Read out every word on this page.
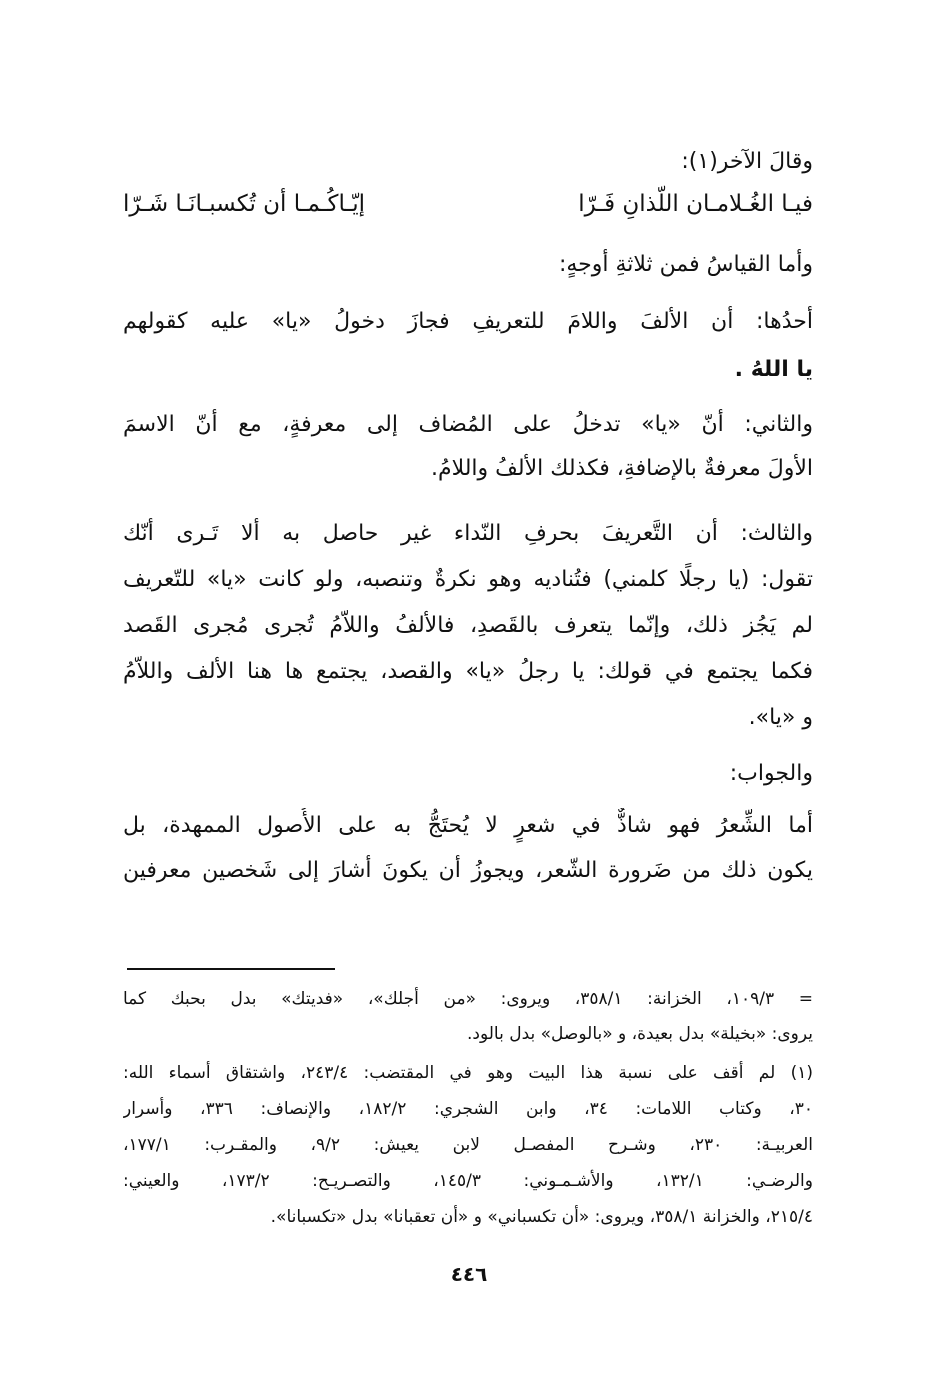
وقالَ الآخر(١):
فيـا الغُـلامـان اللّذانِ فَـرّا
إيّـاكُـمـا أن تُكسبـانَـا شَـرّا
وأما القياسُ فمن ثلاثةِ أوجهٍ:
أحدُها: أن الألفَ واللامَ للتعريفِ فجازَ دخولُ «يا» عليه كقولهم
يا اللهُ .
والثاني: أنّ «يا» تدخلُ على المُضاف إلى معرفةٍ، مع أنّ الاسمَ
الأولَ معرفةٌ بالإضافةِ، فكذلك الألفُ واللامُ.
والثالث: أن التَّعريفَ بحرفِ النّداء غير حاصل به ألا تَـرى أنّك
تقول: (يا رجلًا كلمني) فتُناديه وهو نكرةٌ وتنصبه، ولو كانت «يا» للتّعريف
لم يَجُز ذلك، وإنّما يتعرف بالقَصدِ، فالألفُ واللاّمُ تُجرى مُجرى القَصد
فكما يجتمع في قولك: يا رجلُ «يا» والقصد، يجتمع ها هنا الألف واللاّمُ
و «يا».
والجواب:
أما الشِّعرُ فهو شاذٌّ في شعرٍ لا يُحتَجُّ به على الأُصول الممهدة، بل
يكون ذلك من ضَرورة الشّعر، ويجوزُ أن يكونَ أشارَ إلى شَخصين معرفين
= ١٠٩/٣، الخزانة: ٣٥٨/١، ويروى: «من أجلك»، «فديتك» بدل بحبك كما
يروى: «بخيلة» بدل بعيدة، و «بالوصل» بدل بالود.
(١) لم أقف على نسبة هذا البيت وهو في المقتضب: ٢٤٣/٤، واشتقاق أسماء الله:
٣٠، وكتاب اللامات: ٣٤، وابن الشجري: ١٨٢/٢، والإنصاف: ٣٣٦، وأسرار
العربيـة: ٢٣٠، وشـرح المفصـل لابن يعيش: ٩/٢، والمقـرب: ١٧٧/١،
والرضـي: ١٣٢/١، والأشـمـوني: ١٤٥/٣، والتصـريـح: ١٧٣/٢، والعيني:
٢١٥/٤، والخزانة ٣٥٨/١، ويروى: «أن تكسباني» و «أن تعقبانا» بدل «تكسبانا».
٤٤٦
